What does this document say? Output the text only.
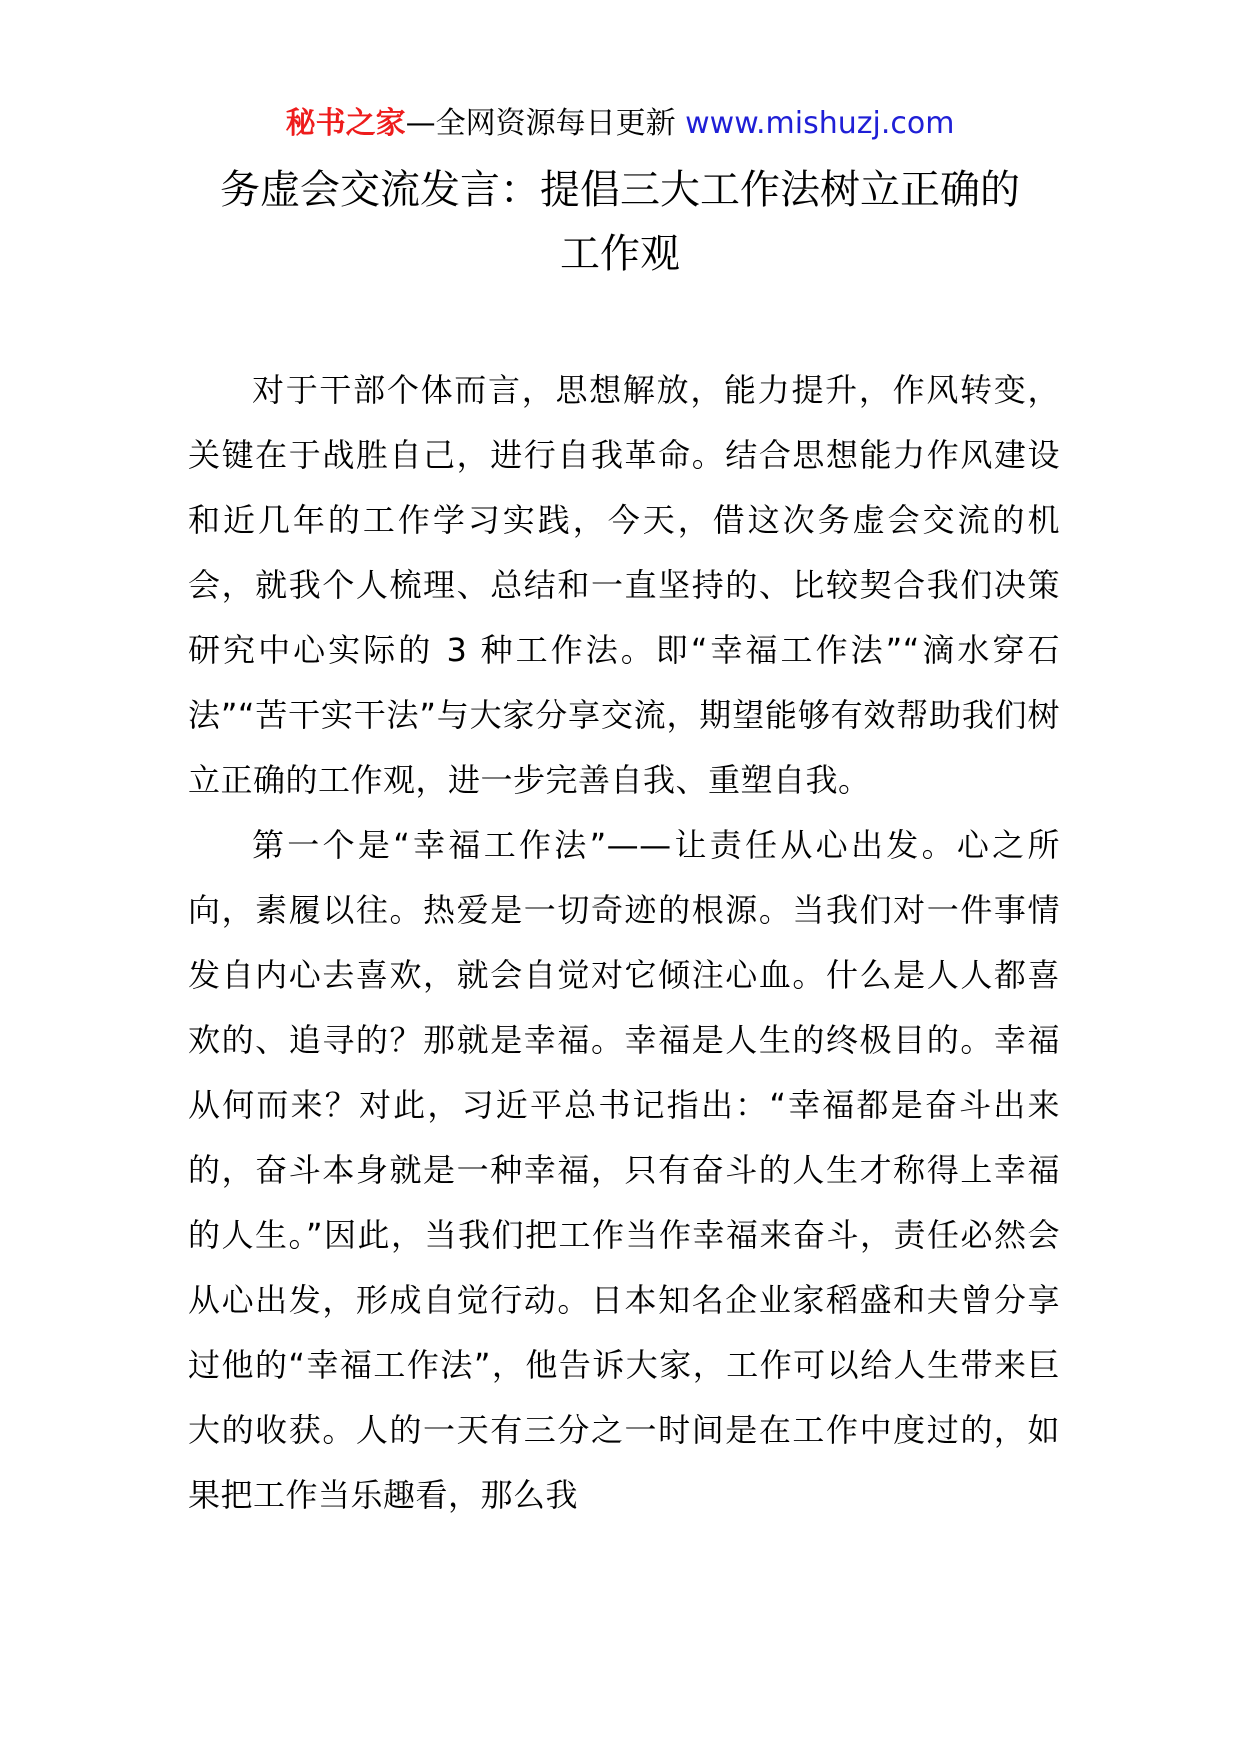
秘书之家—全网资源每日更新 www.mishuzj.com
务虚会交流发言：提倡三大工作法树立正确的
工作观

对于干部个体而言，思想解放，能力提升，作风转变，关键在于战胜自己，进行自我革命。结合思想能力作风建设和近几年的工作学习实践，今天，借这次务虚会交流的机会，就我个人梳理、总结和一直坚持的、比较契合我们决策研究中心实际的 3 种工作法。即“幸福工作法”“滴水穿石法”“苦干实干法”与大家分享交流，期望能够有效帮助我们树立正确的工作观，进一步完善自我、重塑自我。

第一个是“幸福工作法”——让责任从心出发。心之所向，素履以往。热爱是一切奇迹的根源。当我们对一件事情发自内心去喜欢，就会自觉对它倾注心血。什么是人人都喜欢的、追寻的？那就是幸福。幸福是人生的终极目的。幸福从何而来？对此，习近平总书记指出：“幸福都是奋斗出来的，奋斗本身就是一种幸福，只有奋斗的人生才称得上幸福的人生。”因此，当我们把工作当作幸福来奋斗，责任必然会从心出发，形成自觉行动。日本知名企业家稻盛和夫曾分享过他的“幸福工作法”，他告诉大家，工作可以给人生带来巨大的收获。人的一天有三分之一时间是在工作中度过的，如果把工作当乐趣看，那么我
